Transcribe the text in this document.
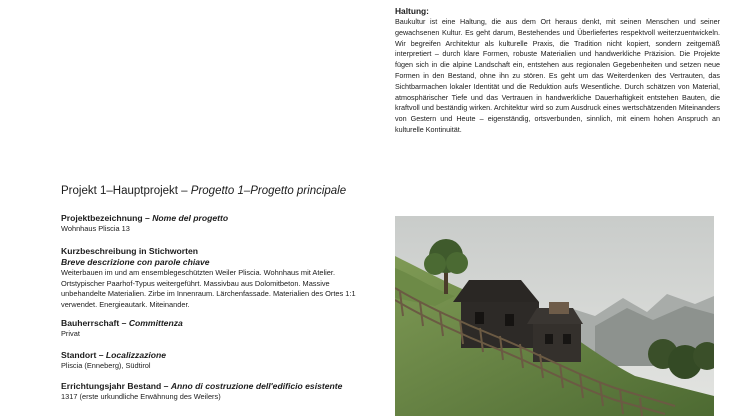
Haltung:

Baukultur ist eine Haltung, die aus dem Ort heraus denkt, mit seinen Menschen und seiner gewachsenen Kultur. Es geht darum, Bestehendes und Überliefertes respektvoll weiterzuentwickeln. Wir begreifen Architektur als kulturelle Praxis, die Tradition nicht kopiert, sondern zeitgemäß interpretiert – durch klare Formen, robuste Materialien und handwerkliche Präzision. Die Projekte fügen sich in die alpine Landschaft ein, entstehen aus regionalen Gegebenheiten und setzen neue Formen in den Bestand, ohne ihn zu stören. Es geht um das Weiterdenken des Vertrauten, das Sichtbarmachen lokaler Identität und die Reduktion aufs Wesentliche. Durch schätzen von Material, atmosphärischer Tiefe und das Vertrauen in handwerkliche Dauerhaftigkeit entstehen Bauten, die kraftvoll und beständig wirken. Architektur wird so zum Ausdruck eines wertschätzenden Miteinanders von Gestern und Heute – eigenständig, ortsverbunden, sinnlich, mit einem hohen Anspruch an kulturelle Kontinuität.

Projekt 1–Hauptprojekt – Progetto 1–Progetto principale
Projektbezeichnung – Nome del progetto

Wohnhaus Pliscia 13

Kurzbeschreibung in Stichworten
Breve descrizione con parole chiave

Weiterbauen im und am ensemblegeschützten Weiler Pliscia. Wohnhaus mit Atelier. Ortstypischer Paarhof-Typus weitergeführt. Massivbau aus Dolomitbeton. Massive unbehandelte Materialien. Zirbe im Innenraum. Lärchenfassade. Materialien des Ortes 1:1 verwendet. Energieautark. Miteinander.

Bauherrschaft – Committenza

Privat

Standort – Localizzazione

Pliscia (Enneberg), Südtirol

Errichtungsjahr Bestand – Anno di costruzione dell'edificio esistente

1317 (erste urkundliche Erwähnung des Weilers)
